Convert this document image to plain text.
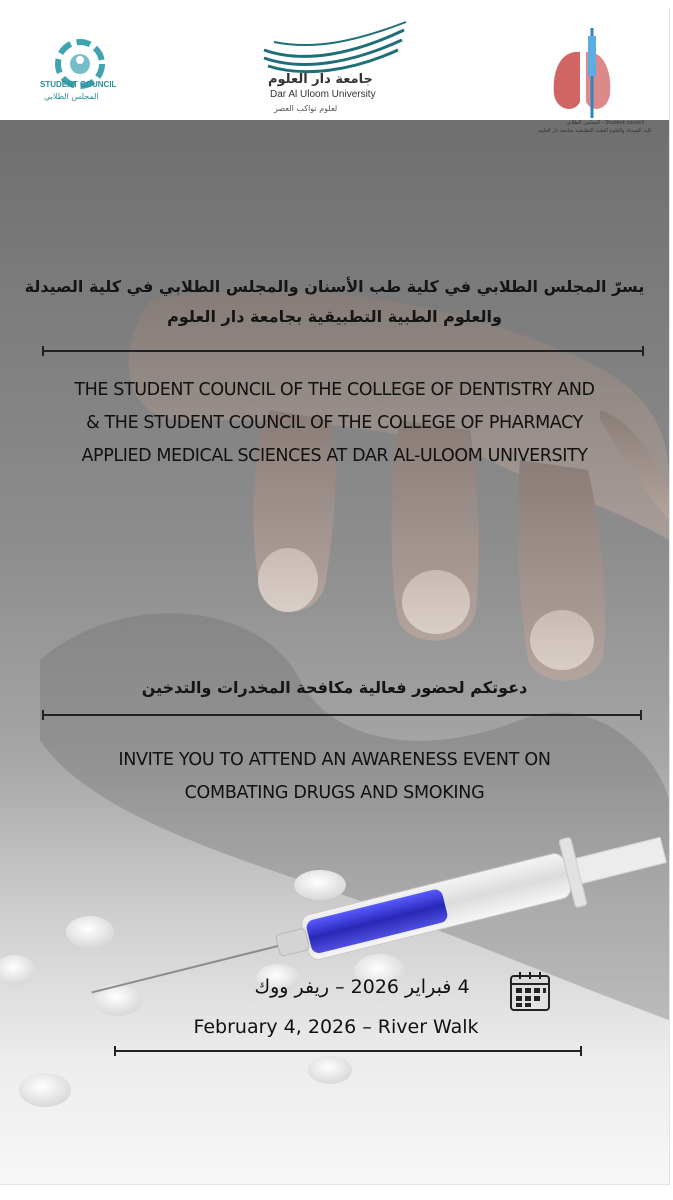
STUDENT COUNCIL
المجلس الطلابي
جامعة دار العلوم
Dar Al Uloom University
لعلوم تواكب العصر
المجلس الطلابي - Student council
كلية الصيدلة والعلوم الطبية التطبيقية بجامعة دار العلوم
يسرّ المجلس الطلابي في كلية طب الأسنان والمجلس الطلابي في كلية الصيدلة
والعلوم الطبية التطبيقية بجامعة دار العلوم
THE STUDENT COUNCIL OF THE COLLEGE OF DENTISTRY AND
& THE STUDENT COUNCIL OF THE COLLEGE OF PHARMACY
APPLIED MEDICAL SCIENCES AT DAR AL-ULOOM UNIVERSITY
دعوتكم لحضور فعالية مكافحة المخدرات والتدخين
INVITE YOU TO ATTEND AN AWARENESS EVENT ON
COMBATING DRUGS AND SMOKING
4 فبراير 2026 – ريفر ووك
February 4, 2026 – River Walk
